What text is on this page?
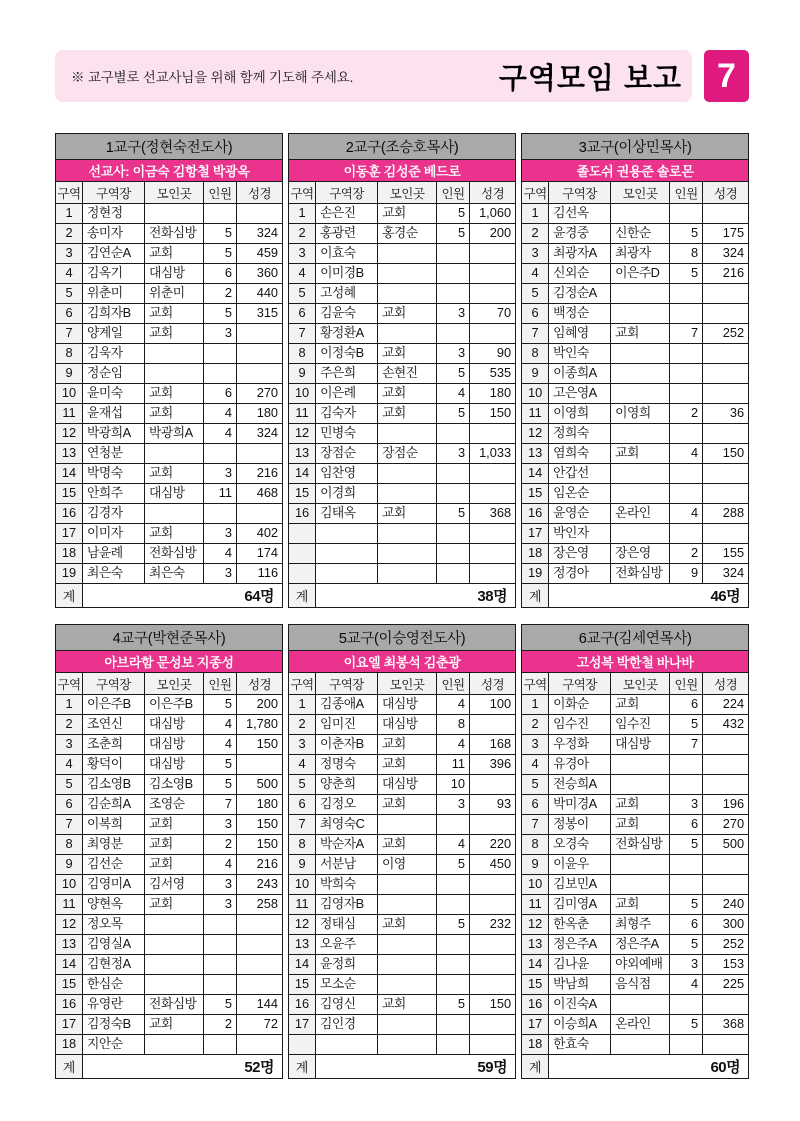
※ 교구별로 선교사님을 위해 함께 기도해 주세요.	구역모임 보고 7
1교구(정현숙전도사)				
선교사: 이금숙 김항철 박광옥				
구역	구역장	모인곳	인원	성경
1	정현정			
2	송미자	전화심방	5	324
3	김연순A	교회	5	459
4	김옥기	대심방	6	360
5	위춘미	위춘미	2	440
6	김희자B	교회	5	315
7	양계일	교회	3	
8	김욱자			
9	정순임			
10	윤미숙	교회	6	270
11	윤재섭	교회	4	180
12	박광희A	박광희A	4	324
13	연청분			
14	박명숙	교회	3	216
15	안희주	대심방	11	468
16	김경자			
17	이미자	교회	3	402
18	남윤례	전화심방	4	174
19	최은숙	최은숙	3	116
계	64명			
2교구(조승호목사)				
이동훈 김성준 베드로				
구역	구역장	모인곳	인원	성경
1	손은진	교회	5	1,060
2	홍광련	홍경순	5	200
3	이효숙			
4	이미경B			
5	고성혜			
6	김윤숙	교회	3	70
7	황정환A			
8	이정숙B	교회	3	90
9	주은희	손현진	5	535
10	이은례	교회	4	180
11	김숙자	교회	5	150
12	민병숙			
13	장점순	장점순	3	1,033
14	임찬영			
15	이경희			
16	김태옥	교회	5	368

계	38명			
3교구(이상민목사)				
졸도쉬 권용준 솔로몬				
구역	구역장	모인곳	인원	성경
1	김선옥			
2	윤경중	신한순	5	175
3	최광자A	최광자	8	324
4	신외순	이은주D	5	216
5	김정순A			
6	백정순			
7	임혜영	교회	7	252
8	박인숙			
9	이종희A			
10	고은영A			
11	이영희	이영희	2	36
12	정희숙			
13	염희숙	교회	4	150
14	안갑선			
15	임온순			
16	윤영순	온라인	4	288
17	박인자			
18	장은영	장은영	2	155
19	정경아	전화심방	9	324
계	46명			
4교구(박현준목사)				
아브라함 문성보 지종성				
구역	구역장	모인곳	인원	성경
1	이은주B	이은주B	5	200
2	조연신	대심방	4	1,780
3	조춘희	대심방	4	150
4	황덕이	대심방	5	
5	김소영B	김소영B	5	500
6	김순희A	조영순	7	180
7	이복희	교회	3	150
8	최영분	교회	2	150
9	김선순	교회	4	216
10	김영미A	김서영	3	243
11	양현옥	교회	3	258
12	정오목			
13	김영실A			
14	김현정A			
15	한심순			
16	유영란	전화심방	5	144
17	김정숙B	교회	2	72
18	지안순			
계	52명			
5교구(이승영전도사)				
이요엘 최봉석 김춘광				
구역	구역장	모인곳	인원	성경
1	김종애A	대심방	4	100
2	임미진	대심방	8	
3	이춘자B	교회	4	168
4	정명숙	교회	11	396
5	양춘희	대심방	10	
6	김정오	교회	3	93
7	최영숙C			
8	박순자A	교회	4	220
9	서분남	이영	5	450
10	박희숙			
11	김영자B			
12	정태심	교회	5	232
13	오윤주			
14	윤정희			
15	모소순			
16	김영신	교회	5	150
17	김인경			

계	59명			
6교구(김세연목사)				
고성복 박한철 바나바				
구역	구역장	모인곳	인원	성경
1	이화순	교회	6	224
2	임수진	임수진	5	432
3	우정화	대심방	7	
4	유경아			
5	전승희A			
6	박미경A	교회	3	196
7	정봉이	교회	6	270
8	오경숙	전화심방	5	500
9	이윤우			
10	김보민A			
11	김미영A	교회	5	240
12	한옥춘	최형주	6	300
13	정은주A	정은주A	5	252
14	김나윤	야외예배	3	153
15	박남희	음식점	4	225
16	이진숙A			
17	이승희A	온라인	5	368
18	한효숙			
계	60명			
